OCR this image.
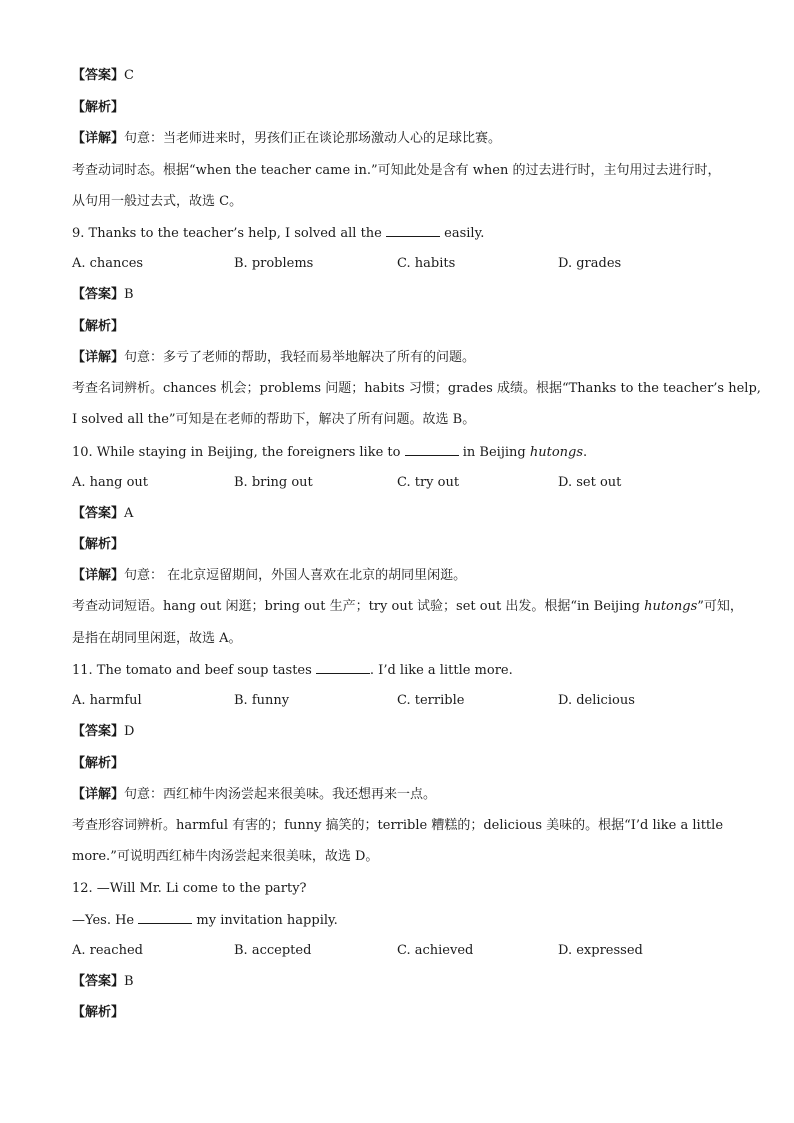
【答案】C
【解析】
【详解】句意：当老师进来时，男孩们正在谈论那场激动人心的足球比赛。
考查动词时态。根据“when the teacher came in.”可知此处是含有 when 的过去进行时，主句用过去进行时，
从句用一般过去式，故选 C。
9. Thanks to the teacher’s help, I solved all the	easily.
A. chances	B. problems	C. habits	D. grades
【答案】B
【解析】
【详解】句意：多亏了老师的帮助，我轻而易举地解决了所有的问题。
考查名词辨析。chances 机会；problems 问题；habits 习惯；grades 成绩。根据“Thanks to the teacher’s help,
I solved all the”可知是在老师的帮助下，解决了所有问题。故选 B。
10. While staying in Beijing, the foreigners like to	in Beijing hutongs.
A. hang out	B. bring out	C. try out	D. set out
【答案】A
【解析】
【详解】句意： 在北京逗留期间，外国人喜欢在北京的胡同里闲逛。
考查动词短语。hang out 闲逛；bring out 生产；try out 试验；set out 出发。根据“in Beijing hutongs”可知，
是指在胡同里闲逛，故选 A。
11. The tomato and beef soup tastes	. I’d like a little more.
A. harmful	B. funny	C. terrible	D. delicious
【答案】D
【解析】
【详解】句意：西红柿牛肉汤尝起来很美味。我还想再来一点。
考查形容词辨析。harmful 有害的；funny 搞笑的；terrible 糟糕的；delicious 美味的。根据“I’d like a little
more.”可说明西红柿牛肉汤尝起来很美味，故选 D。
12. —Will Mr. Li come to the party?
—Yes. He	my invitation happily.
A. reached	B. accepted	C. achieved	D. expressed
【答案】B
【解析】
